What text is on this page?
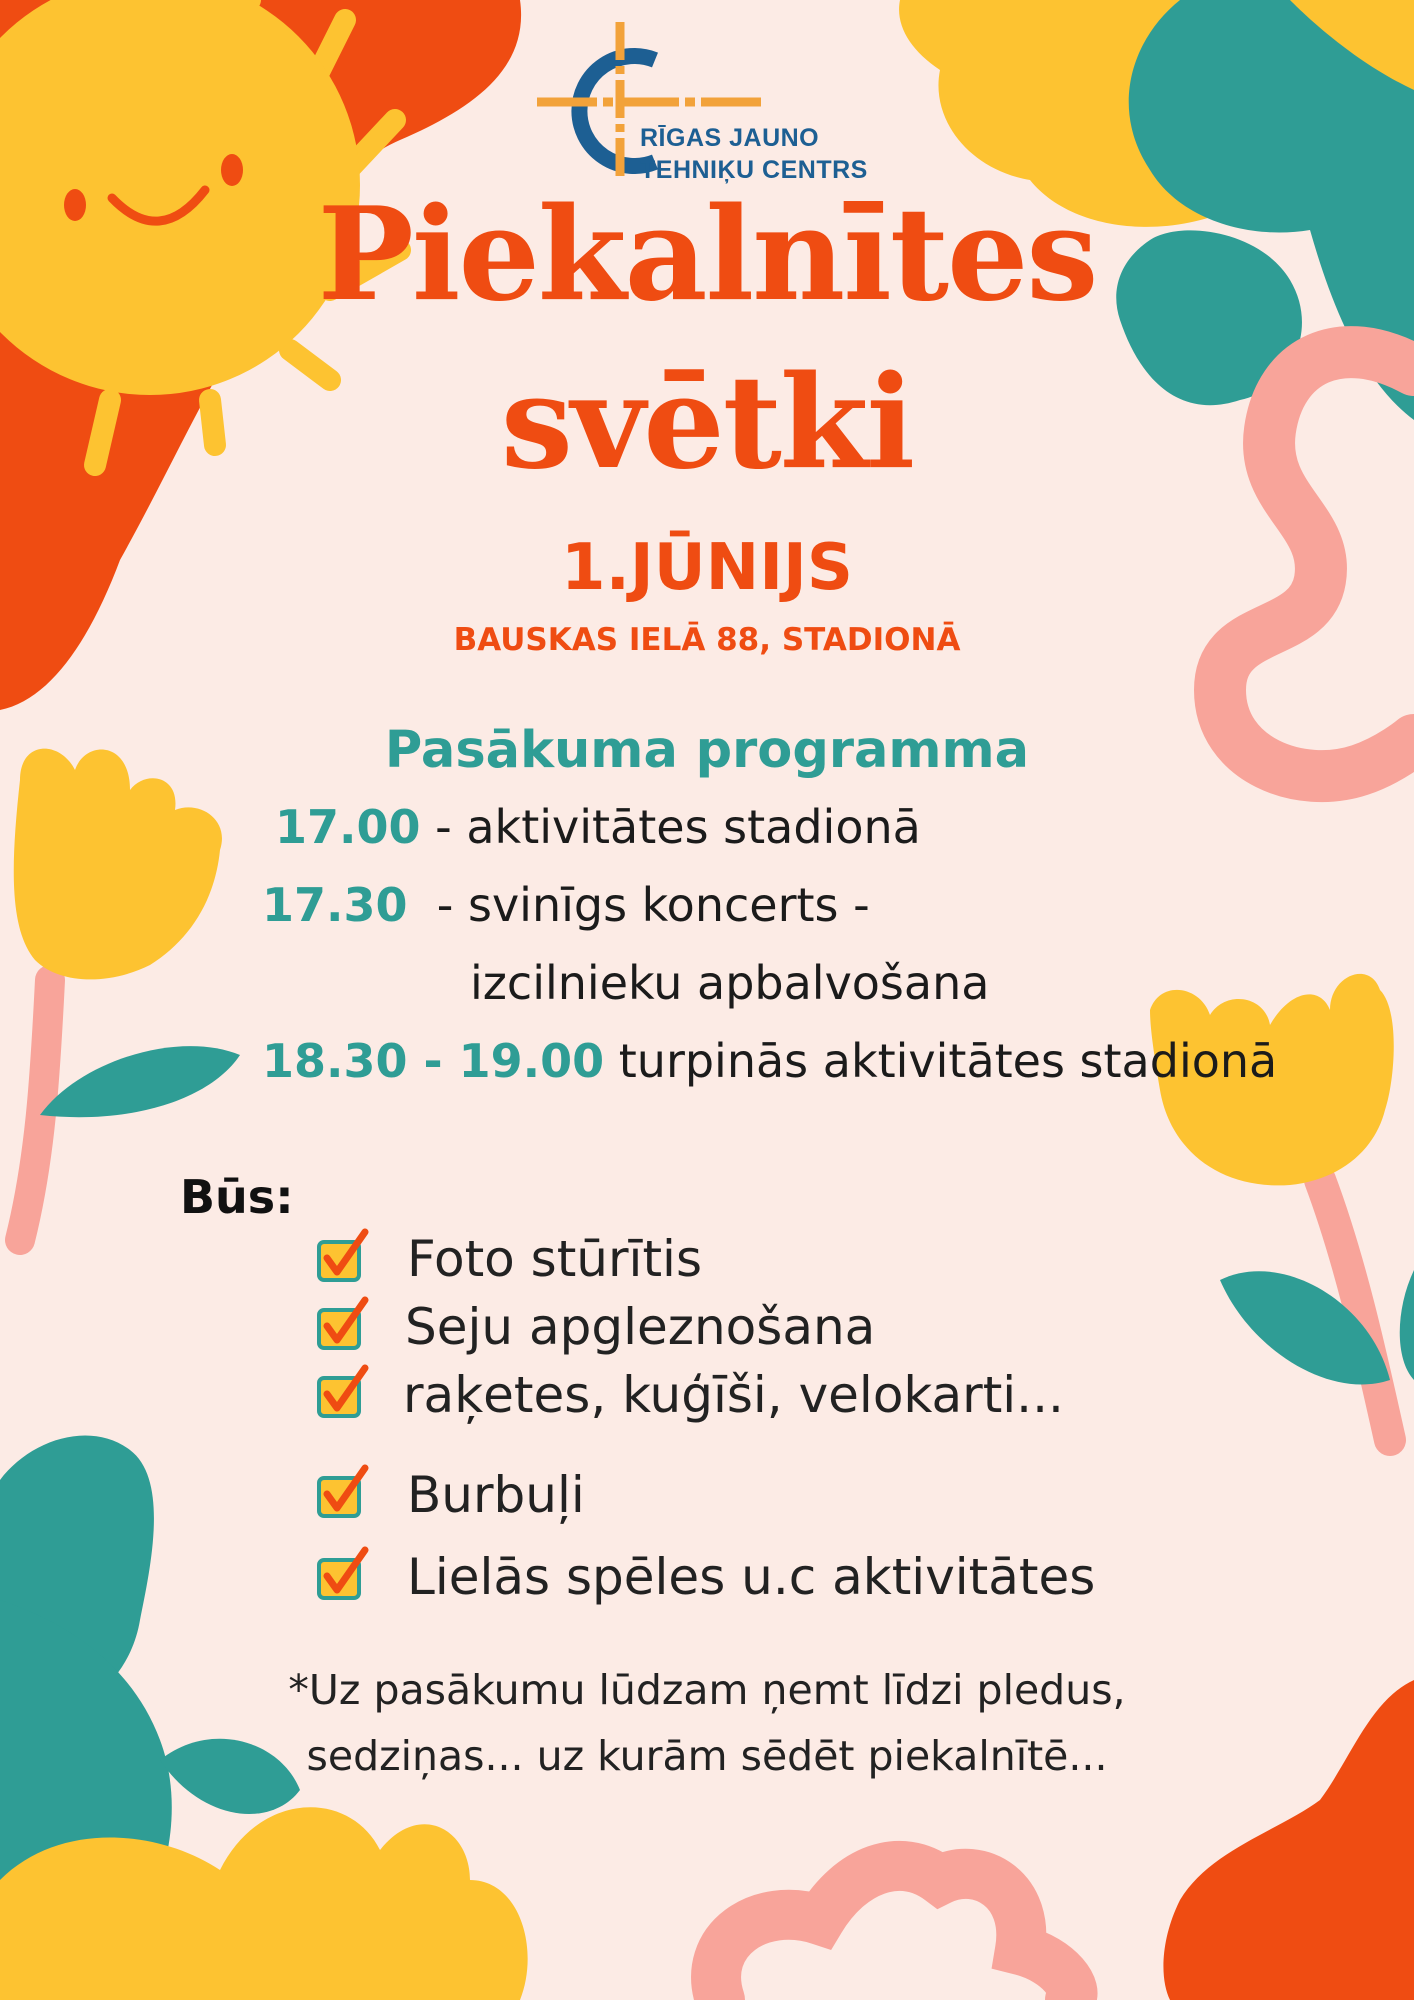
RĪGAS JAUNO
TEHNIĶU CENTRS
Piekalnītes
svētki
1.JŪNIJS
BAUSKAS IELĀ 88, STADIONĀ
Pasākuma programma
17.00 - aktivitātes stadionā
17.30 - svinīgs koncerts -
izcilnieku apbalvošana
18.30 - 19.00 turpinās aktivitātes stadionā
Būs:
Foto stūrītis
Seju apgleznošana
raķetes, kuģīši, velokarti...
Burbuļi
Lielās spēles u.c aktivitātes
*Uz pasākumu lūdzam ņemt līdzi pledus,
sedziņas... uz kurām sēdēt piekalnītē...
